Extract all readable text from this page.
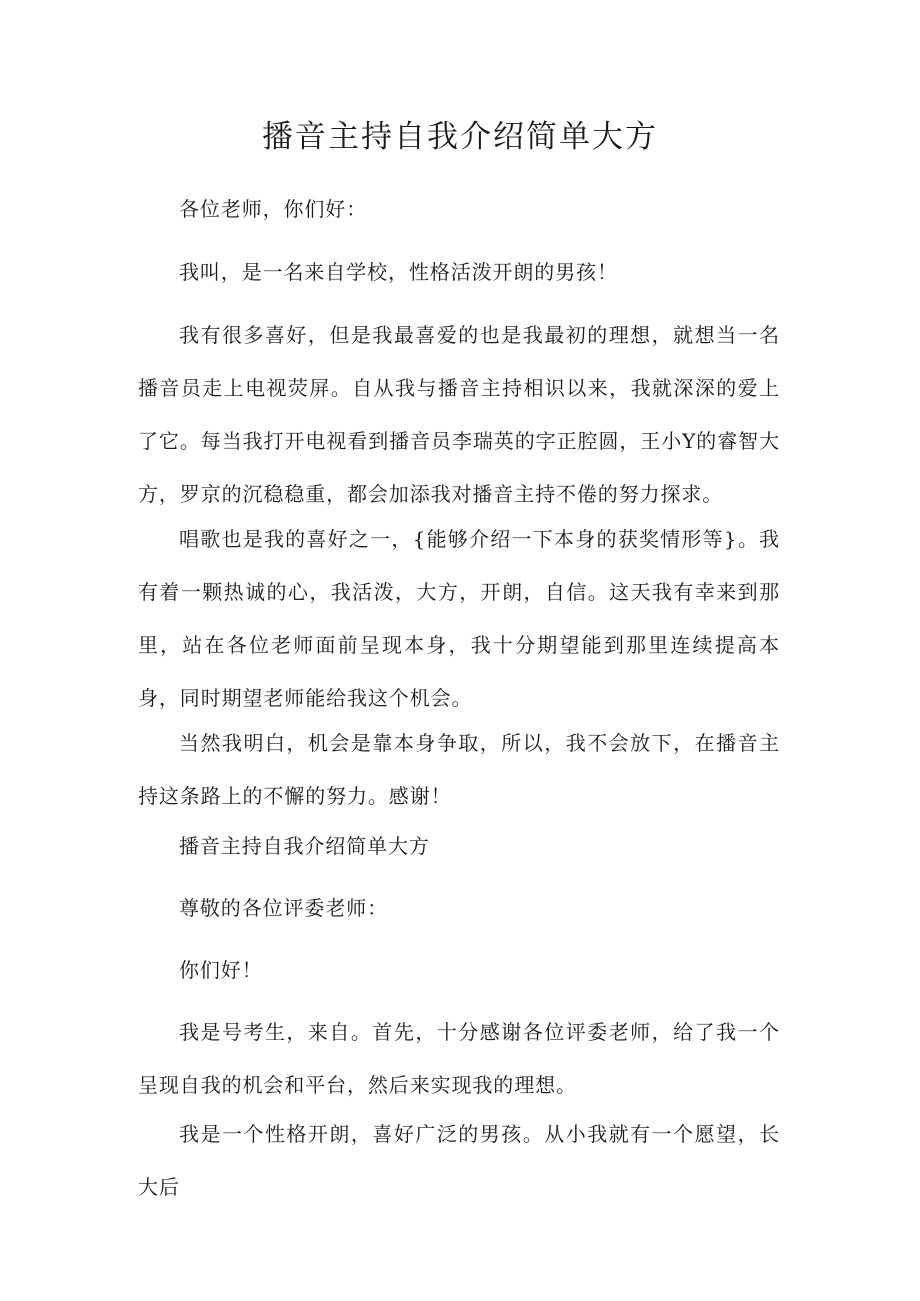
播音主持自我介绍简单大方

各位老师，你们好：

我叫，是一名来自学校，性格活泼开朗的男孩！

我有很多喜好，但是我最喜爱的也是我最初的理想，就想当一名播音员走上电视荧屏。自从我与播音主持相识以来，我就深深的爱上了它。每当我打开电视看到播音员李瑞英的字正腔圆，王小Y的睿智大方，罗京的沉稳稳重，都会加添我对播音主持不倦的努力探求。

唱歌也是我的喜好之一，{能够介绍一下本身的获奖情形等}。我有着一颗热诚的心，我活泼，大方，开朗，自信。这天我有幸来到那里，站在各位老师面前呈现本身，我十分期望能到那里连续提高本身，同时期望老师能给我这个机会。

当然我明白，机会是靠本身争取，所以，我不会放下，在播音主持这条路上的不懈的努力。感谢！

播音主持自我介绍简单大方

尊敬的各位评委老师：

你们好！

我是号考生，来自。首先，十分感谢各位评委老师，给了我一个呈现自我的机会和平台，然后来实现我的理想。

我是一个性格开朗，喜好广泛的男孩。从小我就有一个愿望，长大后
